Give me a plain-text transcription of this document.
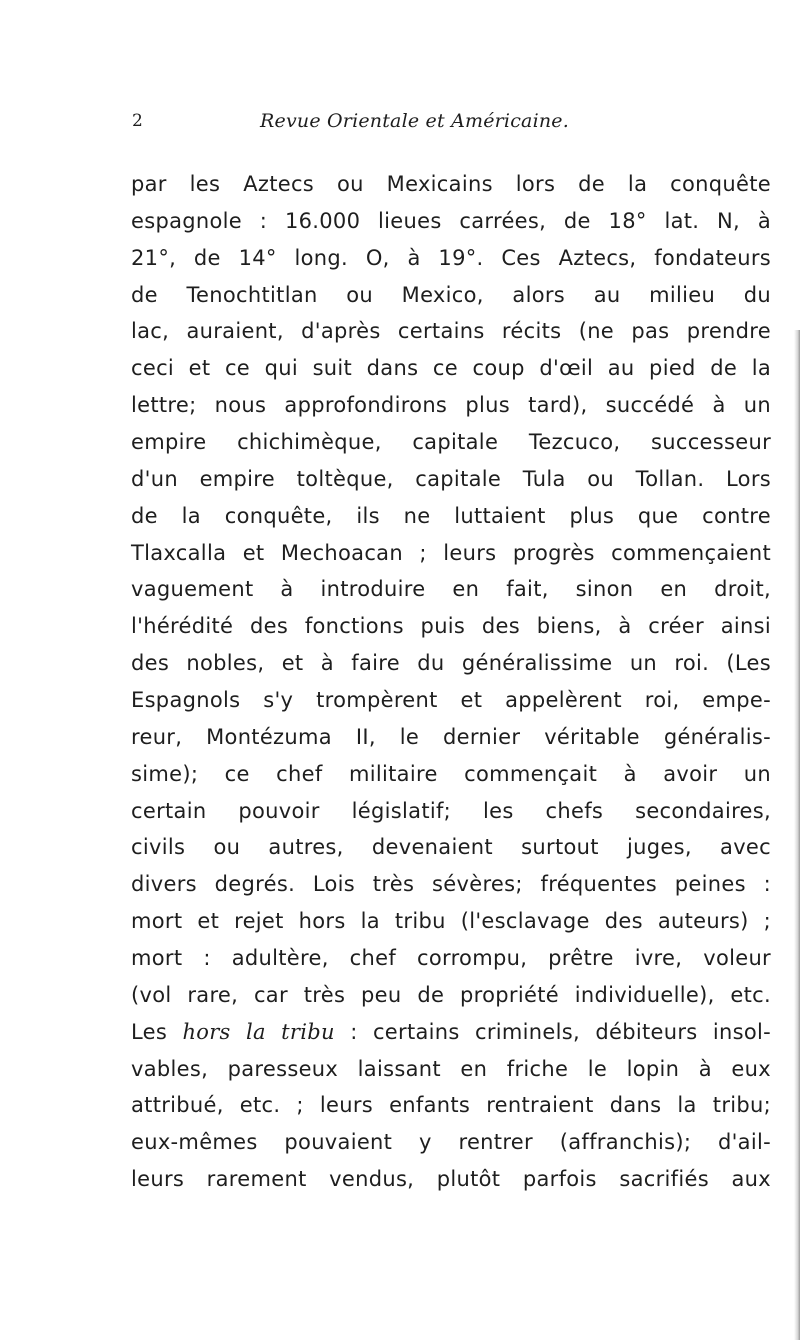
2	Revue Orientale et Américaine.
par les Aztecs ou Mexicains lors de la conquête
espagnole : 16.000 lieues carrées, de 18° lat. N, à
21°, de 14° long. O, à 19°. Ces Aztecs, fondateurs
de Tenochtitlan ou Mexico, alors au milieu du
lac, auraient, d'après certains récits (ne pas prendre
ceci et ce qui suit dans ce coup d'œil au pied de la
lettre; nous approfondirons plus tard), succédé à un
empire chichimèque, capitale Tezcuco, successeur
d'un empire toltèque, capitale Tula ou Tollan. Lors
de la conquête, ils ne luttaient plus que contre
Tlaxcalla et Mechoacan ; leurs progrès commençaient
vaguement à introduire en fait, sinon en droit,
l'hérédité des fonctions puis des biens, à créer ainsi
des nobles, et à faire du généralissime un roi. (Les
Espagnols s'y trompèrent et appelèrent roi, empe-
reur, Montézuma II, le dernier véritable généralis-
sime); ce chef militaire commençait à avoir un
certain pouvoir législatif; les chefs secondaires,
civils ou autres, devenaient surtout juges, avec
divers degrés. Lois très sévères; fréquentes peines :
mort et rejet hors la tribu (l'esclavage des auteurs) ;
mort : adultère, chef corrompu, prêtre ivre, voleur
(vol rare, car très peu de propriété individuelle), etc.
Les hors la tribu : certains criminels, débiteurs insol-
vables, paresseux laissant en friche le lopin à eux
attribué, etc. ; leurs enfants rentraient dans la tribu;
eux-mêmes pouvaient y rentrer (affranchis); d'ail-
leurs rarement vendus, plutôt parfois sacrifiés aux
